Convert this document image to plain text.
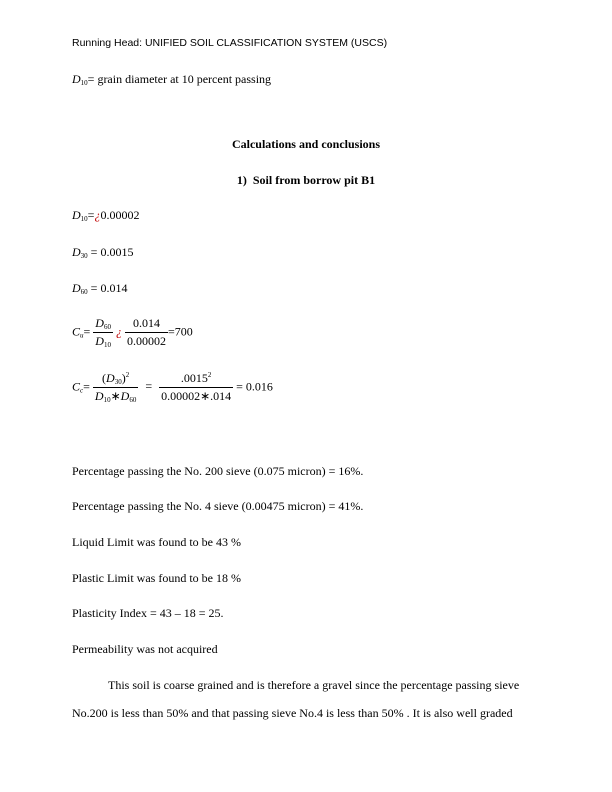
Running Head: UNIFIED SOIL CLASSIFICATION SYSTEM (USCS)
$D_{10}=$ grain diameter at 10 percent passing
Calculations and conclusions
1) Soil from borrow pit B1
$D_{10}=¿0.00002$
$D_{30} = 0.0015$
$D_{60} = 0.014$
$C_u= \frac{D_{60}}{D_{10}}$ ¿ $\frac{0.014}{0.00002} =700$
$C_c= \frac{(D_{30})^2}{D_{10}∗D_{60}} = \frac{.0015^2}{0.00002∗.014} = 0.016$
Percentage passing the No. 200 sieve (0.075 micron) = 16%.
Percentage passing the No. 4 sieve (0.00475 micron) = 41%.
Liquid Limit was found to be 43 %
Plastic Limit was found to be 18 %
Plasticity Index = 43 – 18 = 25.
Permeability was not acquired
This soil is coarse grained and is therefore a gravel since the percentage passing sieve No.200 is less than 50% and that passing sieve No.4 is less than 50% . It is also well graded
